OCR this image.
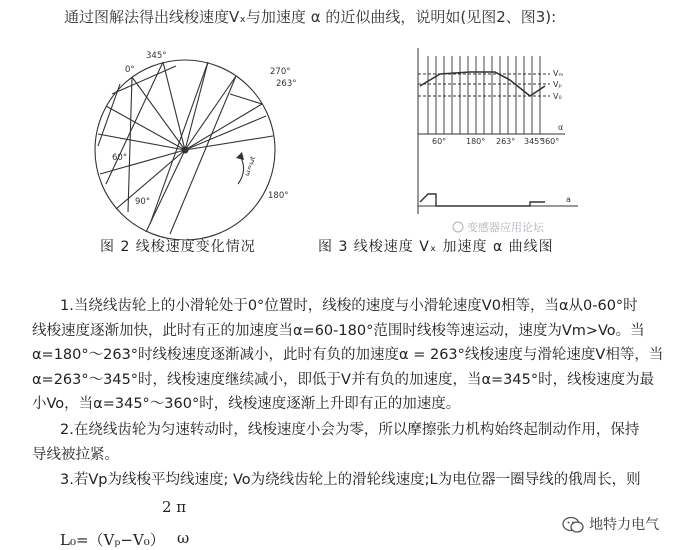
通过图解法得出线梭速度Vₓ与加速度 α 的近似曲线，说明如(见图2、图3):
0°
345°
270°
263°
180°
60°
90°
ω=ωt
60° 180° 263° 345°
360°
Vₘ
Vₚ
V₀
α
a
变感器应用论坛
图 2 线梭速度变化情况	图 3 线梭速度 Vₓ 加速度 α 曲线图
1.当绕线齿轮上的小滑轮处于0°位置时，线梭的速度与小滑轮速度V0相等，当α从0-60°时
线梭速度逐渐加快，此时有正的加速度当α=60-180°范围时线梭等速运动，速度为Vm>Vo。当
α=180°～263°时线梭速度逐渐减小，此时有负的加速度α = 263°线梭速度与滑轮速度V相等，当
α=263°～345°时，线梭速度继续减小，即低于V并有负的加速度，当α=345°时，线梭速度为最
小Vo，当α=345°～360°时，线梭速度逐渐上升即有正的加速度。
2.在绕线齿轮为匀速转动时，线梭速度小会为零，所以摩擦张力机构始终起制动作用，保持
导线被拉紧。
3.若Vp为线梭平均线速度; Vo为绕线齿轮上的滑轮线速度;L为电位器一圈导线的俄周长，则
2 π
L₀=（Vₚ−V₀） ω
地特力电气
